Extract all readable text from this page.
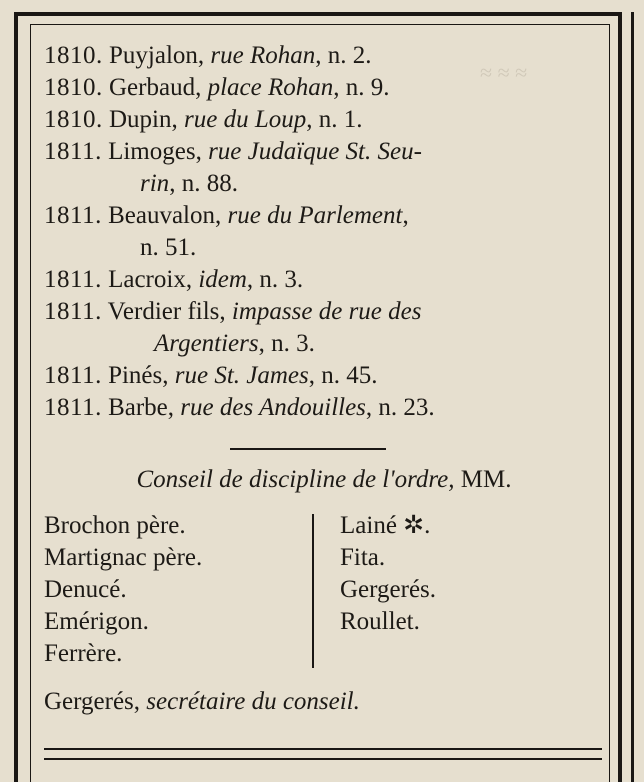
≈ ≈ ≈
1810. Puyjalon, rue Rohan, n. 2.
1810. Gerbaud, place Rohan, n. 9.
1810. Dupin, rue du Loup, n. 1.
1811. Limoges, rue Judaïque St. Seu-
rin, n. 88.
1811. Beauvalon, rue du Parlement,
n. 51.
1811. Lacroix, idem, n. 3.
1811. Verdier fils, impasse de rue des
Argentiers, n. 3.
1811. Pinés, rue St. James, n. 45.
1811. Barbe, rue des Andouilles, n. 23.
Conseil de discipline de l'ordre, MM.
Brochon père.
Martignac père.
Denucé.
Emérigon.
Ferrère.
Lainé ✲.
Fita.
Gergerés.
Roullet.
Gergerés, secrétaire du conseil.
